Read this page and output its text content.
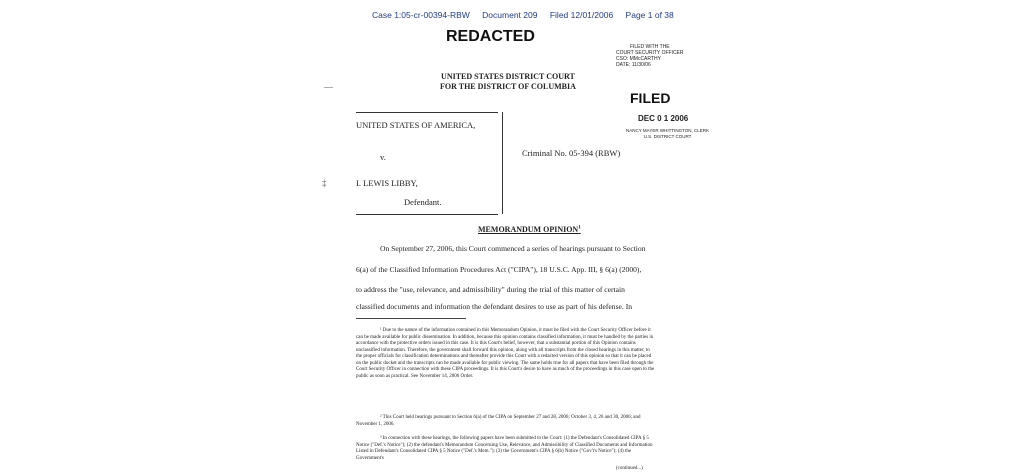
Case 1:05-cr-00394-RBW Document 209 Filed 12/01/2006 Page 1 of 38
REDACTED
FILED WITH THE
COURT SECURITY OFFICER
CSO: MMcCARTHY
DATE: 11/30/06
UNITED STATES DISTRICT COURT
FOR THE DISTRICT OF COLUMBIA
FILED
DEC 0 1 2006
NANCY MAYER WHITTINGTON, CLERK
U.S. DISTRICT COURT
—
‡
UNITED STATES OF AMERICA,
v.
I. LEWIS LIBBY,
Defendant.
Criminal No. 05-394 (RBW)
MEMORANDUM OPINION$^1$
On September 27, 2006, this Court commenced a series of hearings pursuant to Section
6(a) of the Classified Information Procedures Act ("CIPA"), 18 U.S.C. App. III, § 6(a) (2000),
to address the "use, relevance, and admissibility" during the trial of this matter of certain
classified documents and information the defendant desires to use as part of his defense. In
¹ Due to the nature of the information contained in this Memorandum Opinion, it must be filed with the Court Security Officer before it can be made available for public dissemination. In addition, because this opinion contains classified information, it must be handled by the parties in accordance with the protective orders issued in this case. It is this Court's belief, however, that a substantial portion of this Opinion contains unclassified information. Therefore, the government shall forward this opinion, along with all transcripts from the closed hearings in this matter, to the proper officials for classification determinations and thereafter provide this Court with a redacted version of this opinion so that it can be placed on the public docket and the transcripts can be made available for public viewing. The same holds true for all papers that have been filed through the Court Security Officer in connection with these CIPA proceedings. It is this Court's desire to have as much of the proceedings in this case open to the public as soon as practical. See November 14, 2006 Order.
² This Court held hearings pursuant to Section 6(a) of the CIPA on September 27 and 28, 2006; October 3, 4, 26 and 30, 2006; and November 1, 2006.
³ In connection with these hearings, the following papers have been submitted to the Court: (1) the Defendant's Consolidated CIPA § 5 Notice ("Def.'s Notice"); (2) the defendant's Memorandum Concerning Use, Relevance, and Admissibility of Classified Documents and Information Listed in Defendant's Consolidated CIPA § 5 Notice ("Def.'s Mem."); (3) the Government's CIPA § 6(b) Notice ("Gov't's Notice"); (4) the Government's
(continued...)
